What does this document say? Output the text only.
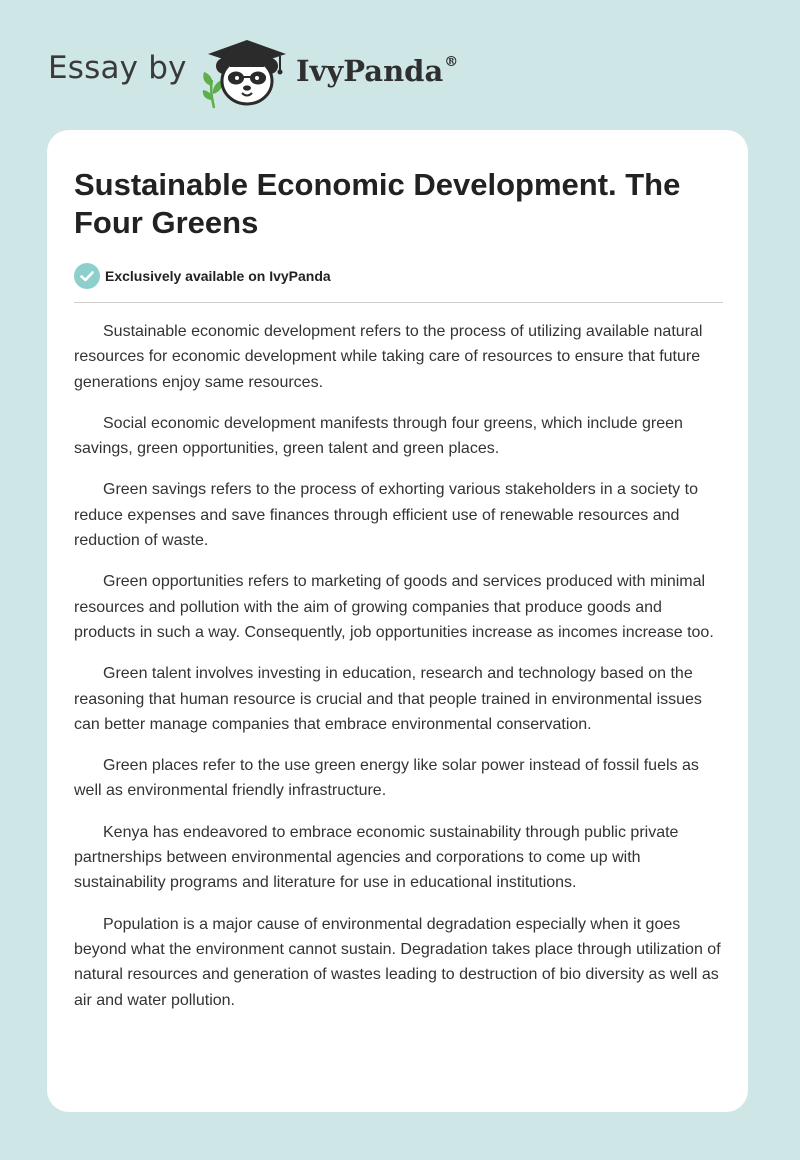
Essay by	IvyPanda®
Sustainable Economic Development. The Four Greens
Exclusively available on IvyPanda

Sustainable economic development refers to the process of utilizing available natural resources for economic development while taking care of resources to ensure that future generations enjoy same resources.

Social economic development manifests through four greens, which include green savings, green opportunities, green talent and green places.

Green savings refers to the process of exhorting various stakeholders in a society to reduce expenses and save finances through efficient use of renewable resources and reduction of waste.

Green opportunities refers to marketing of goods and services produced with minimal resources and pollution with the aim of growing companies that produce goods and products in such a way. Consequently, job opportunities increase as incomes increase too.

Green talent involves investing in education, research and technology based on the reasoning that human resource is crucial and that people trained in environmental issues can better manage companies that embrace environmental conservation.

Green places refer to the use green energy like solar power instead of fossil fuels as well as environmental friendly infrastructure.

Kenya has endeavored to embrace economic sustainability through public private partnerships between environmental agencies and corporations to come up with sustainability programs and literature for use in educational institutions.

Population is a major cause of environmental degradation especially when it goes beyond what the environment cannot sustain. Degradation takes place through utilization of natural resources and generation of wastes leading to destruction of bio diversity as well as air and water pollution.
